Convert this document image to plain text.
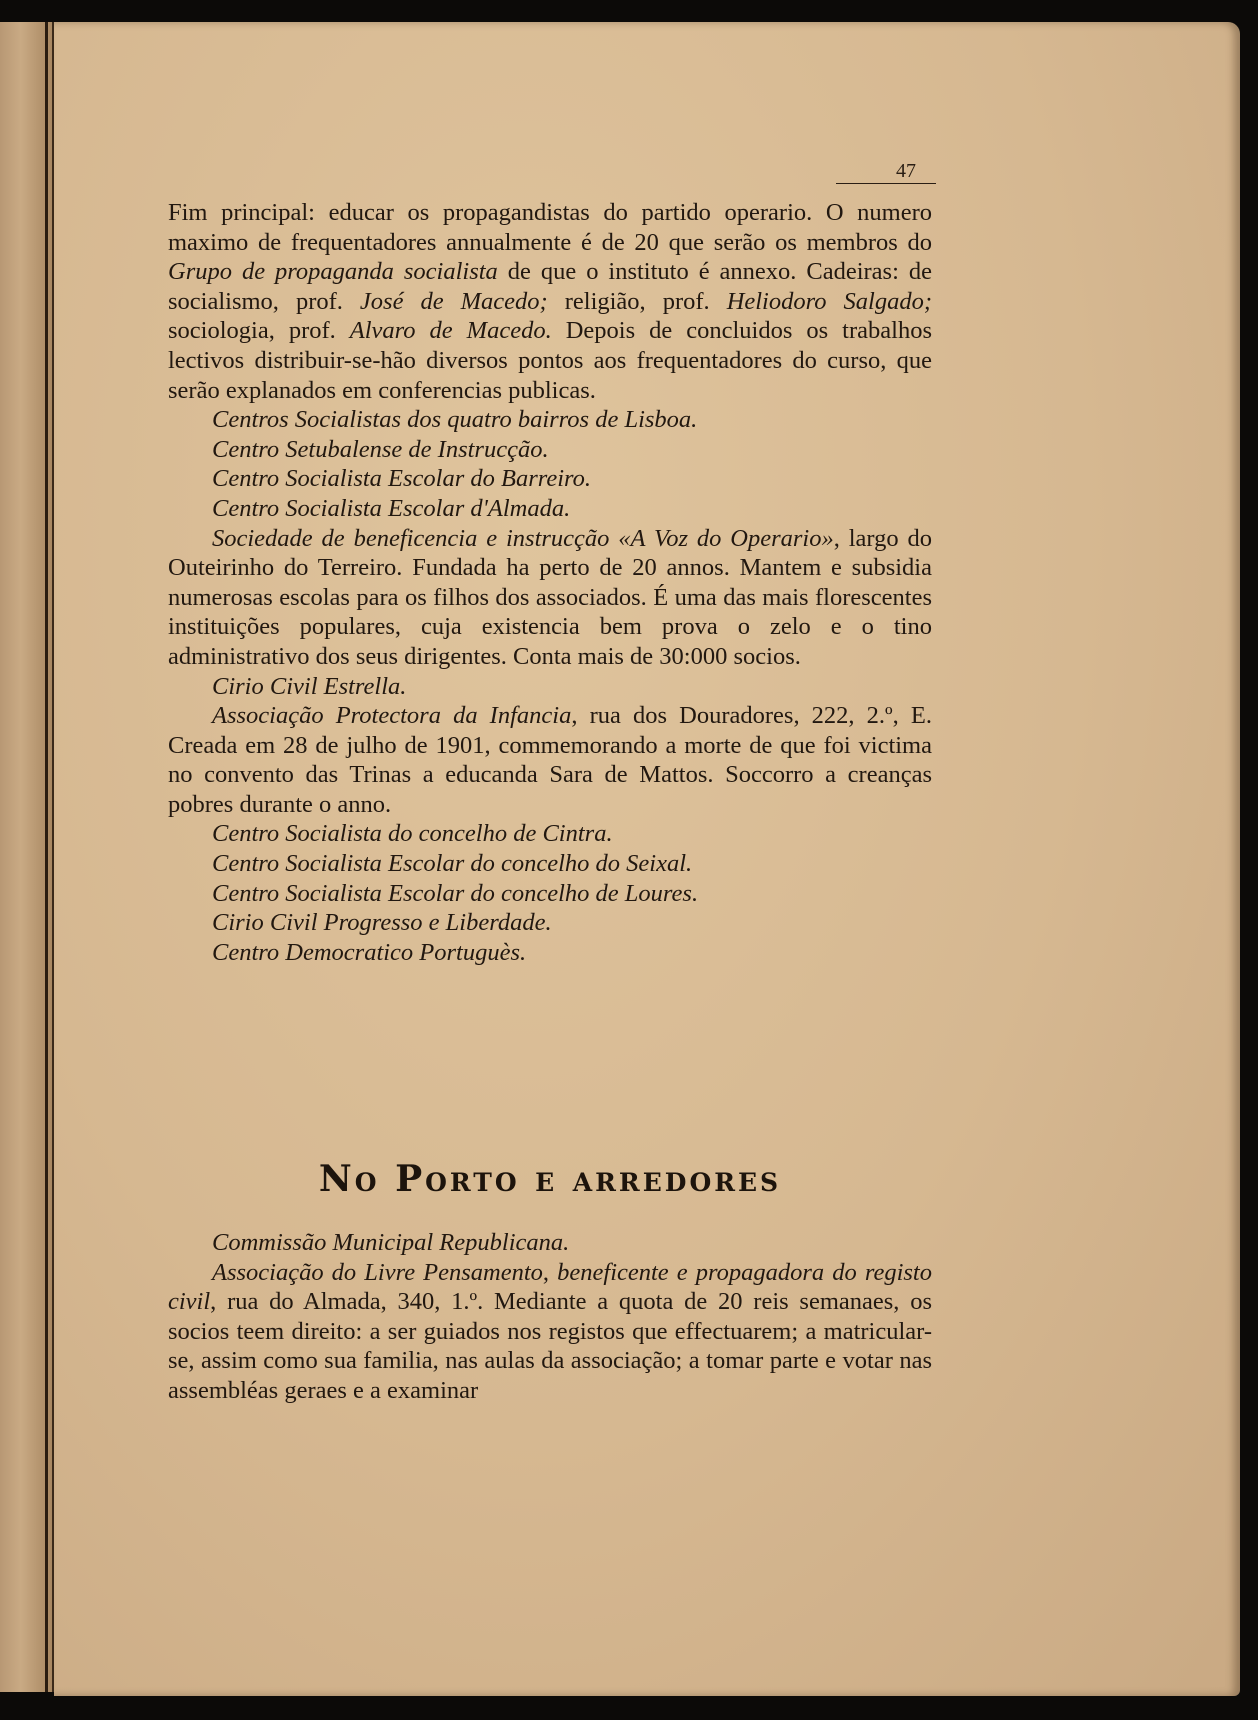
47

Fim principal: educar os propagandistas do partido operario. O numero maximo de frequentadores annualmente é de 20 que serão os membros do Grupo de propaganda socialista de que o instituto é annexo. Cadeiras: de socialismo, prof. José de Macedo; religião, prof. Heliodoro Salgado; sociologia, prof. Alvaro de Macedo. Depois de concluidos os trabalhos lectivos distribuir-se-hão diversos pontos aos frequentadores do curso, que serão explanados em conferencias publicas.

Centros Socialistas dos quatro bairros de Lisboa.

Centro Setubalense de Instrucção.

Centro Socialista Escolar do Barreiro.

Centro Socialista Escolar d'Almada.

Sociedade de beneficencia e instrucção «A Voz do Operario», largo do Outeirinho do Terreiro. Fundada ha perto de 20 annos. Mantem e subsidia numerosas escolas para os filhos dos associados. É uma das mais florescentes instituições populares, cuja existencia bem prova o zelo e o tino administrativo dos seus dirigentes. Conta mais de 30:000 socios.

Cirio Civil Estrella.

Associação Protectora da Infancia, rua dos Douradores, 222, 2.º, E. Creada em 28 de julho de 1901, commemorando a morte de que foi victima no convento das Trinas a educanda Sara de Mattos. Soccorro a creanças pobres durante o anno.

Centro Socialista do concelho de Cintra.

Centro Socialista Escolar do concelho do Seixal.

Centro Socialista Escolar do concelho de Loures.

Cirio Civil Progresso e Liberdade.

Centro Democratico Portuguès.

No Porto e arredores

Commissão Municipal Republicana.

Associação do Livre Pensamento, beneficente e propagadora do registo civil, rua do Almada, 340, 1.º. Mediante a quota de 20 reis semanaes, os socios teem direito: a ser guiados nos registos que effectuarem; a matricular-se, assim como sua familia, nas aulas da associação; a tomar parte e votar nas assembléas geraes e a examinar
